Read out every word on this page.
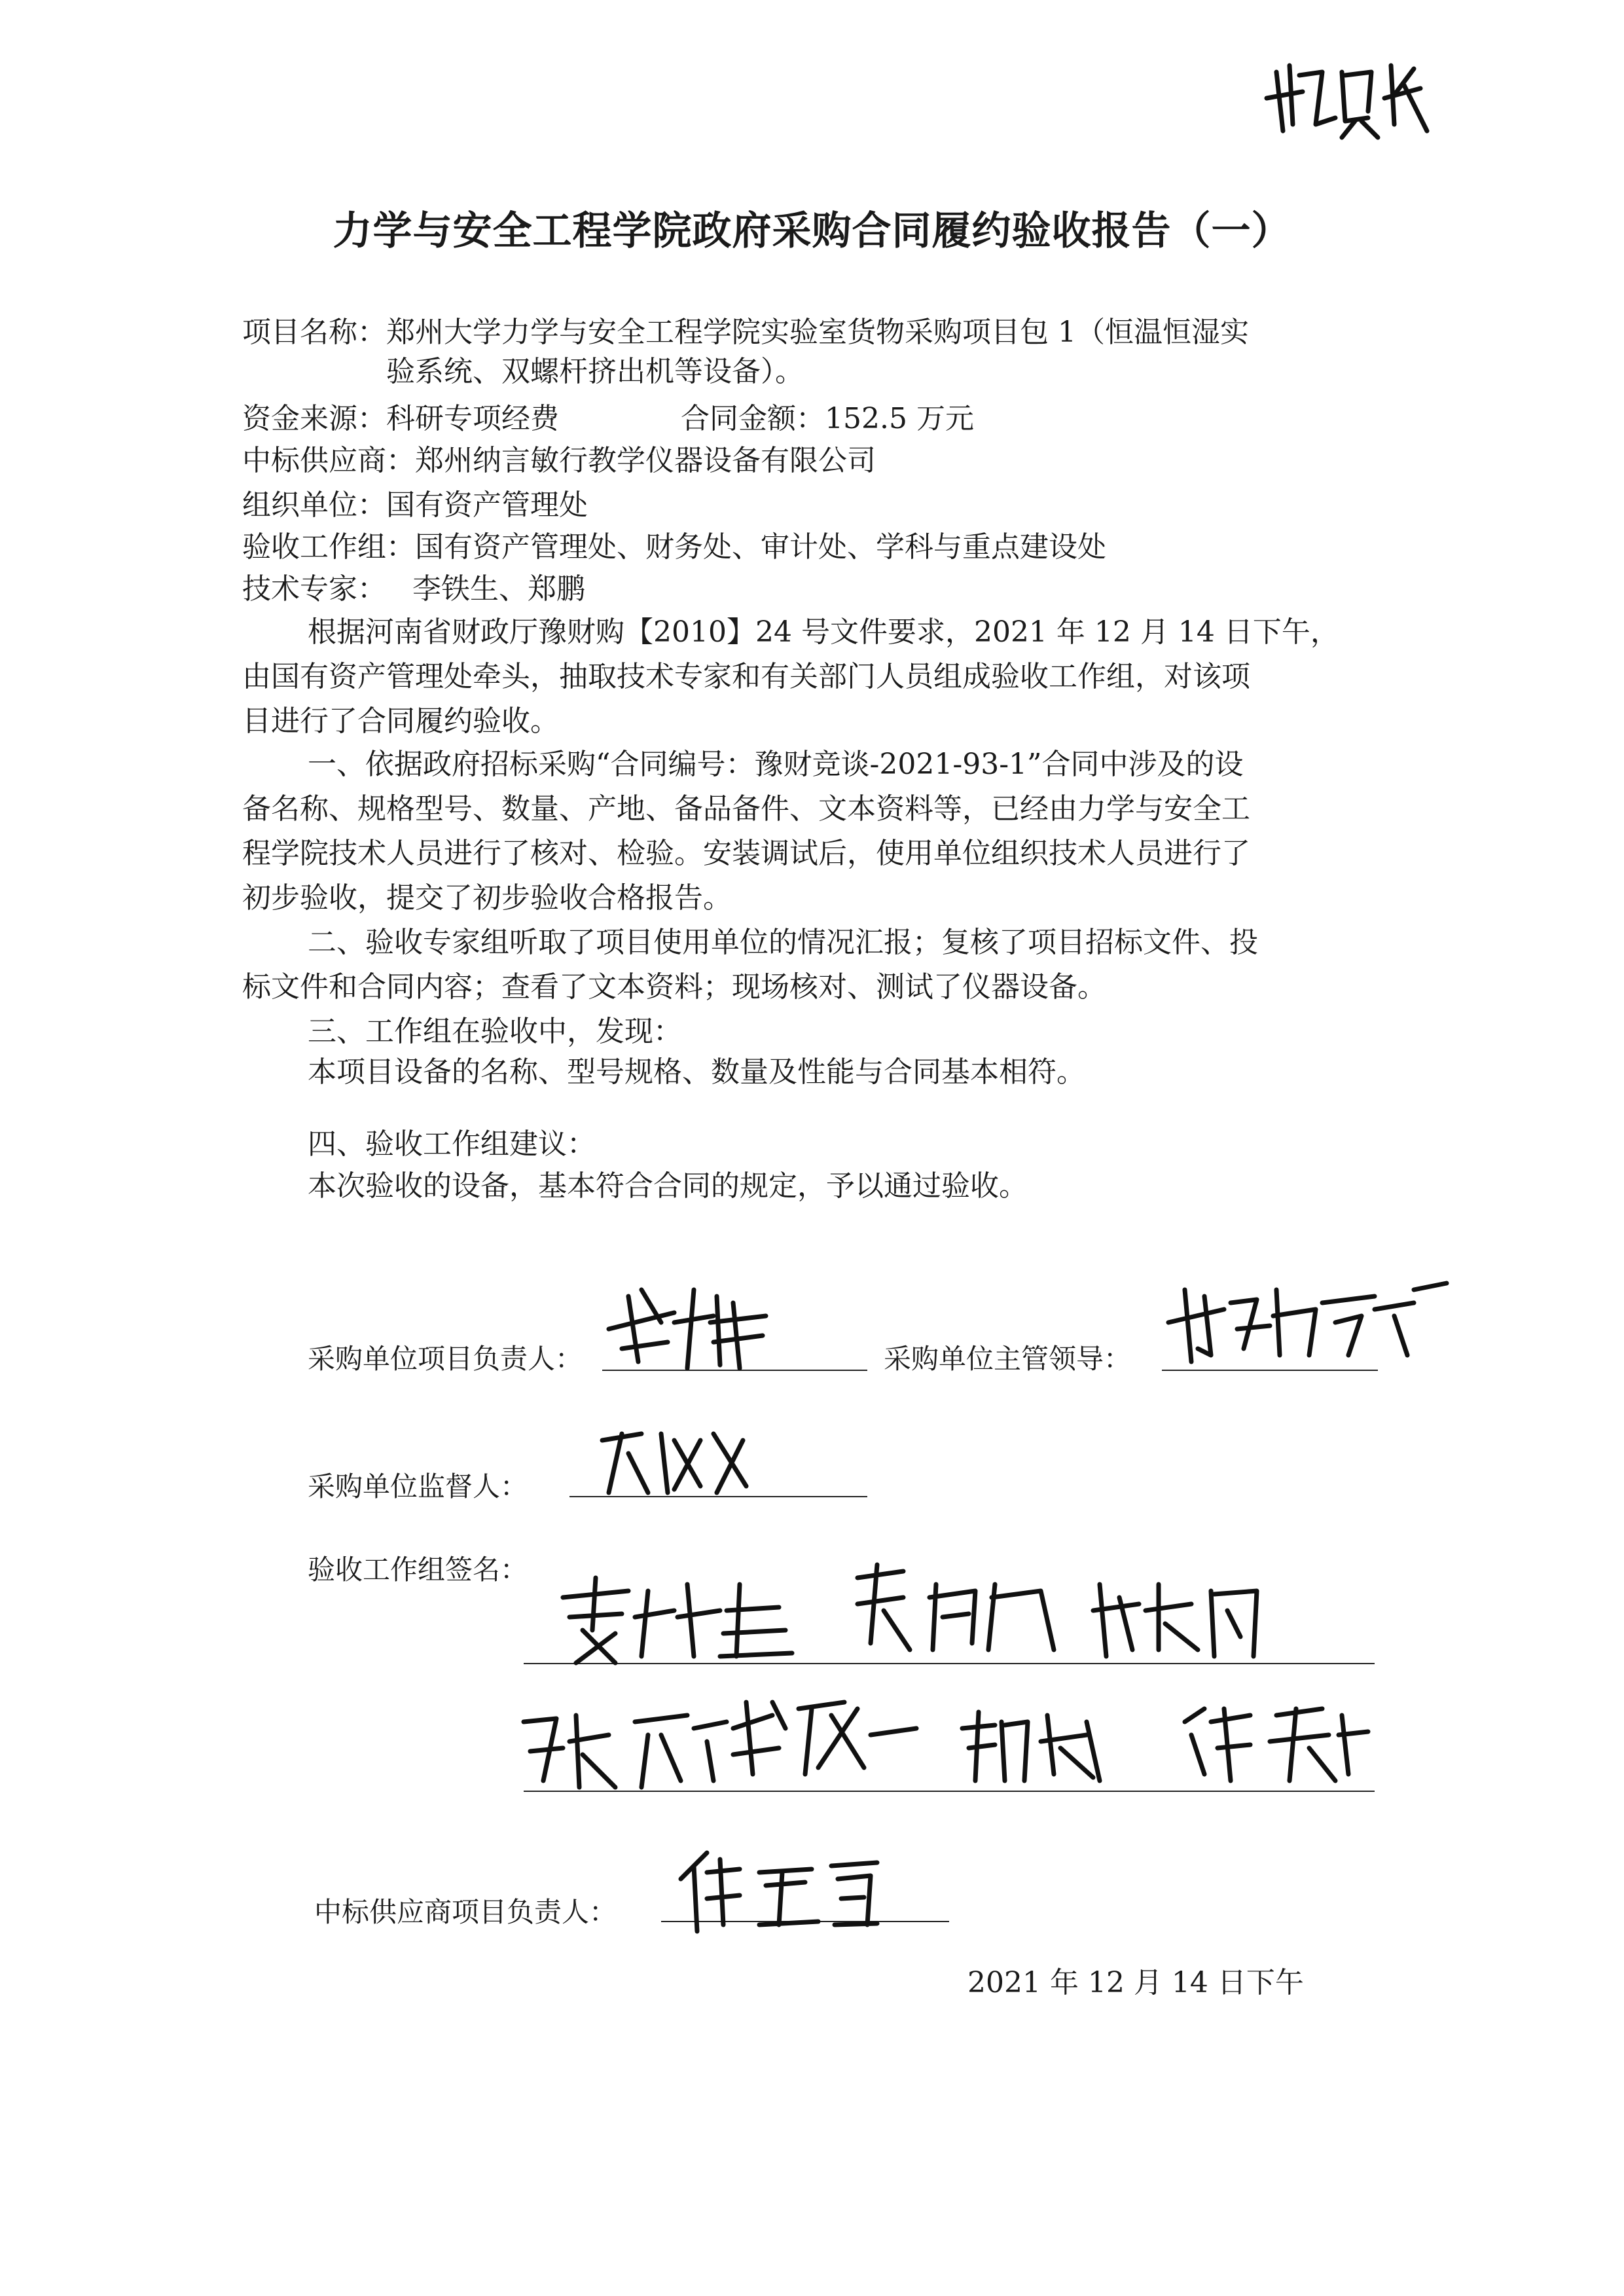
力学与安全工程学院政府采购合同履约验收报告（一）
项目名称：郑州大学力学与安全工程学院实验室货物采购项目包 1（恒温恒湿实
验系统、双螺杆挤出机等设备）。
资金来源：科研专项经费	合同金额：152.5 万元
中标供应商：郑州纳言敏行教学仪器设备有限公司
组织单位：国有资产管理处
验收工作组：国有资产管理处、财务处、审计处、学科与重点建设处
技术专家： 李铁生、郑鹏
根据河南省财政厅豫财购【2010】24 号文件要求，2021 年 12 月 14 日下午，
由国有资产管理处牵头，抽取技术专家和有关部门人员组成验收工作组，对该项
目进行了合同履约验收。
一、依据政府招标采购“合同编号：豫财竞谈-2021-93-1”合同中涉及的设
备名称、规格型号、数量、产地、备品备件、文本资料等，已经由力学与安全工
程学院技术人员进行了核对、检验。安装调试后，使用单位组织技术人员进行了
初步验收，提交了初步验收合格报告。
二、验收专家组听取了项目使用单位的情况汇报；复核了项目招标文件、投
标文件和合同内容；查看了文本资料；现场核对、测试了仪器设备。
三、工作组在验收中，发现：
本项目设备的名称、型号规格、数量及性能与合同基本相符。
四、验收工作组建议：
本次验收的设备，基本符合合同的规定，予以通过验收。
采购单位项目负责人：	采购单位主管领导：
采购单位监督人：
验收工作组签名：
中标供应商项目负责人：
2021 年 12 月 14 日下午
